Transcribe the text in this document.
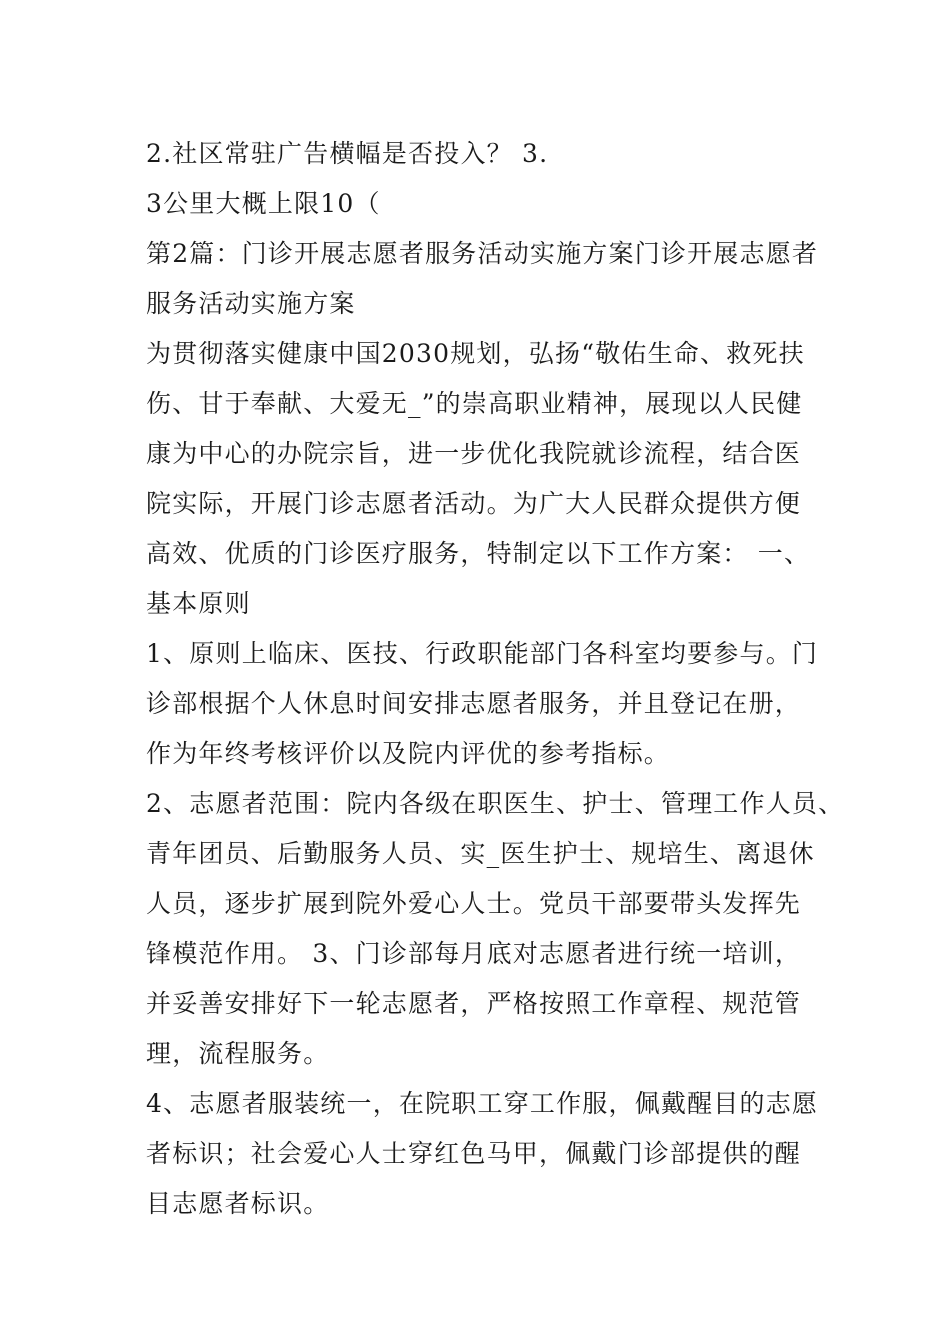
2.社区常驻广告横幅是否投入？ 3.
3公里大概上限10（
第2篇：门诊开展志愿者服务活动实施方案门诊开展志愿者
服务活动实施方案
为贯彻落实健康中国2030规划，弘扬“敬佑生命、救死扶
伤、甘于奉献、大爱无_”的崇高职业精神，展现以人民健
康为中心的办院宗旨，进一步优化我院就诊流程，结合医
院实际，开展门诊志愿者活动。为广大人民群众提供方便
高效、优质的门诊医疗服务，特制定以下工作方案： 一、
基本原则
1、原则上临床、医技、行政职能部门各科室均要参与。门
诊部根据个人休息时间安排志愿者服务，并且登记在册，
作为年终考核评价以及院内评优的参考指标。
2、志愿者范围：院内各级在职医生、护士、管理工作人员、
青年团员、后勤服务人员、实_医生护士、规培生、离退休
人员，逐步扩展到院外爱心人士。党员干部要带头发挥先
锋模范作用。 3、门诊部每月底对志愿者进行统一培训，
并妥善安排好下一轮志愿者，严格按照工作章程、规范管
理，流程服务。
4、志愿者服装统一，在院职工穿工作服，佩戴醒目的志愿
者标识；社会爱心人士穿红色马甲，佩戴门诊部提供的醒
目志愿者标识。
